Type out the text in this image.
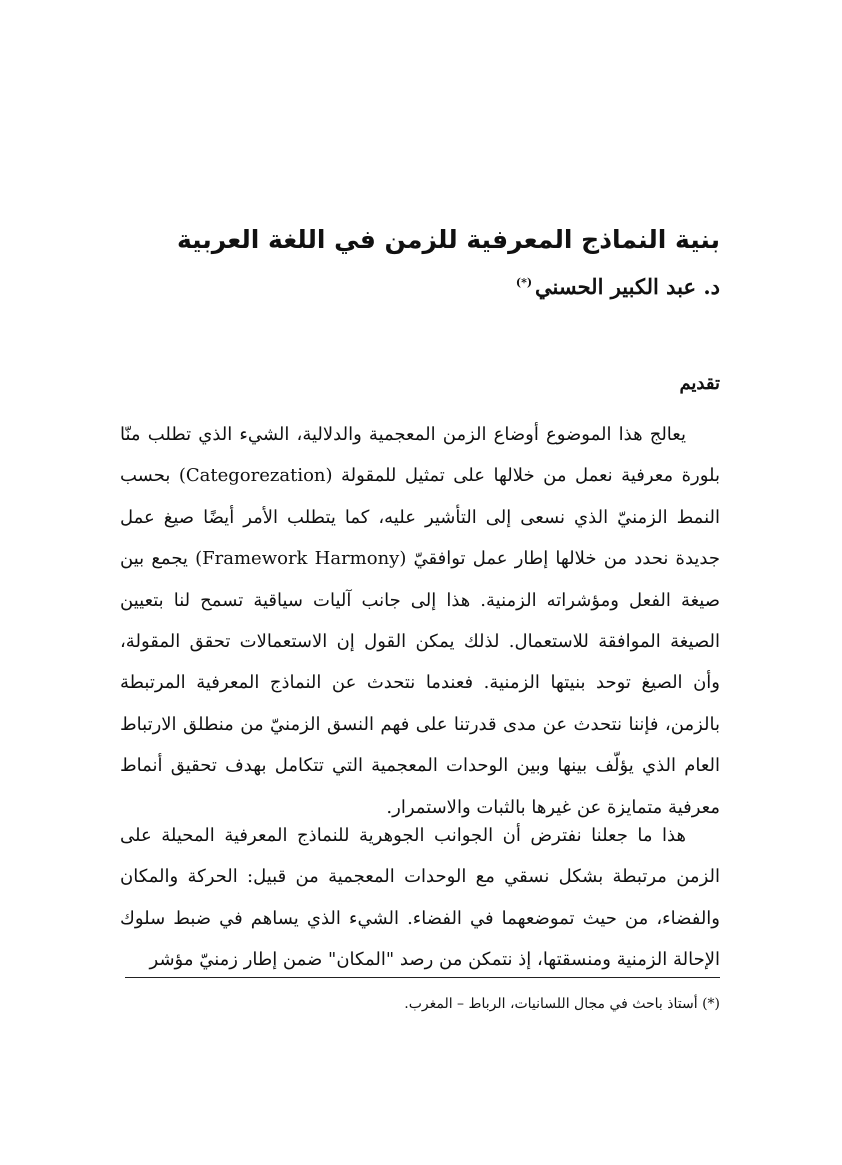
بنية النماذج المعرفية للزمن في اللغة العربية
د. عبد الكبير الحسني(*)
تقديم

يعالج هذا الموضوع أوضاع الزمن المعجمية والدلالية، الشيء الذي تطلب منّا بلورة معرفية نعمل من خلالها على تمثيل للمقولة (Categorezation) بحسب النمط الزمنيّ الذي نسعى إلى التأشير عليه، كما يتطلب الأمر أيضًا صيغ عمل جديدة نحدد من خلالها إطار عمل توافقيّ (Framework Harmony) يجمع بين صيغة الفعل ومؤشراته الزمنية. هذا إلى جانب آليات سياقية تسمح لنا بتعيين الصيغة الموافقة للاستعمال. لذلك يمكن القول إن الاستعمالات تحقق المقولة، وأن الصيغ توحد بنيتها الزمنية. فعندما نتحدث عن النماذج المعرفية المرتبطة بالزمن، فإننا نتحدث عن مدى قدرتنا على فهم النسق الزمنيّ من منطلق الارتباط العام الذي يؤلّف بينها وبين الوحدات المعجمية التي تتكامل بهدف تحقيق أنماط معرفية متمايزة عن غيرها بالثبات والاستمرار.

هذا ما جعلنا نفترض أن الجوانب الجوهرية للنماذج المعرفية المحيلة على الزمن مرتبطة بشكل نسقي مع الوحدات المعجمية من قبيل: الحركة والمكان والفضاء، من حيث تموضعهما في الفضاء. الشيء الذي يساهم في ضبط سلوك الإحالة الزمنية ومنسقتها، إذ نتمكن من رصد "المكان" ضمن إطار زمنيّ مؤشر

(*) أستاذ باحث في مجال اللسانيات، الرباط – المغرب.
